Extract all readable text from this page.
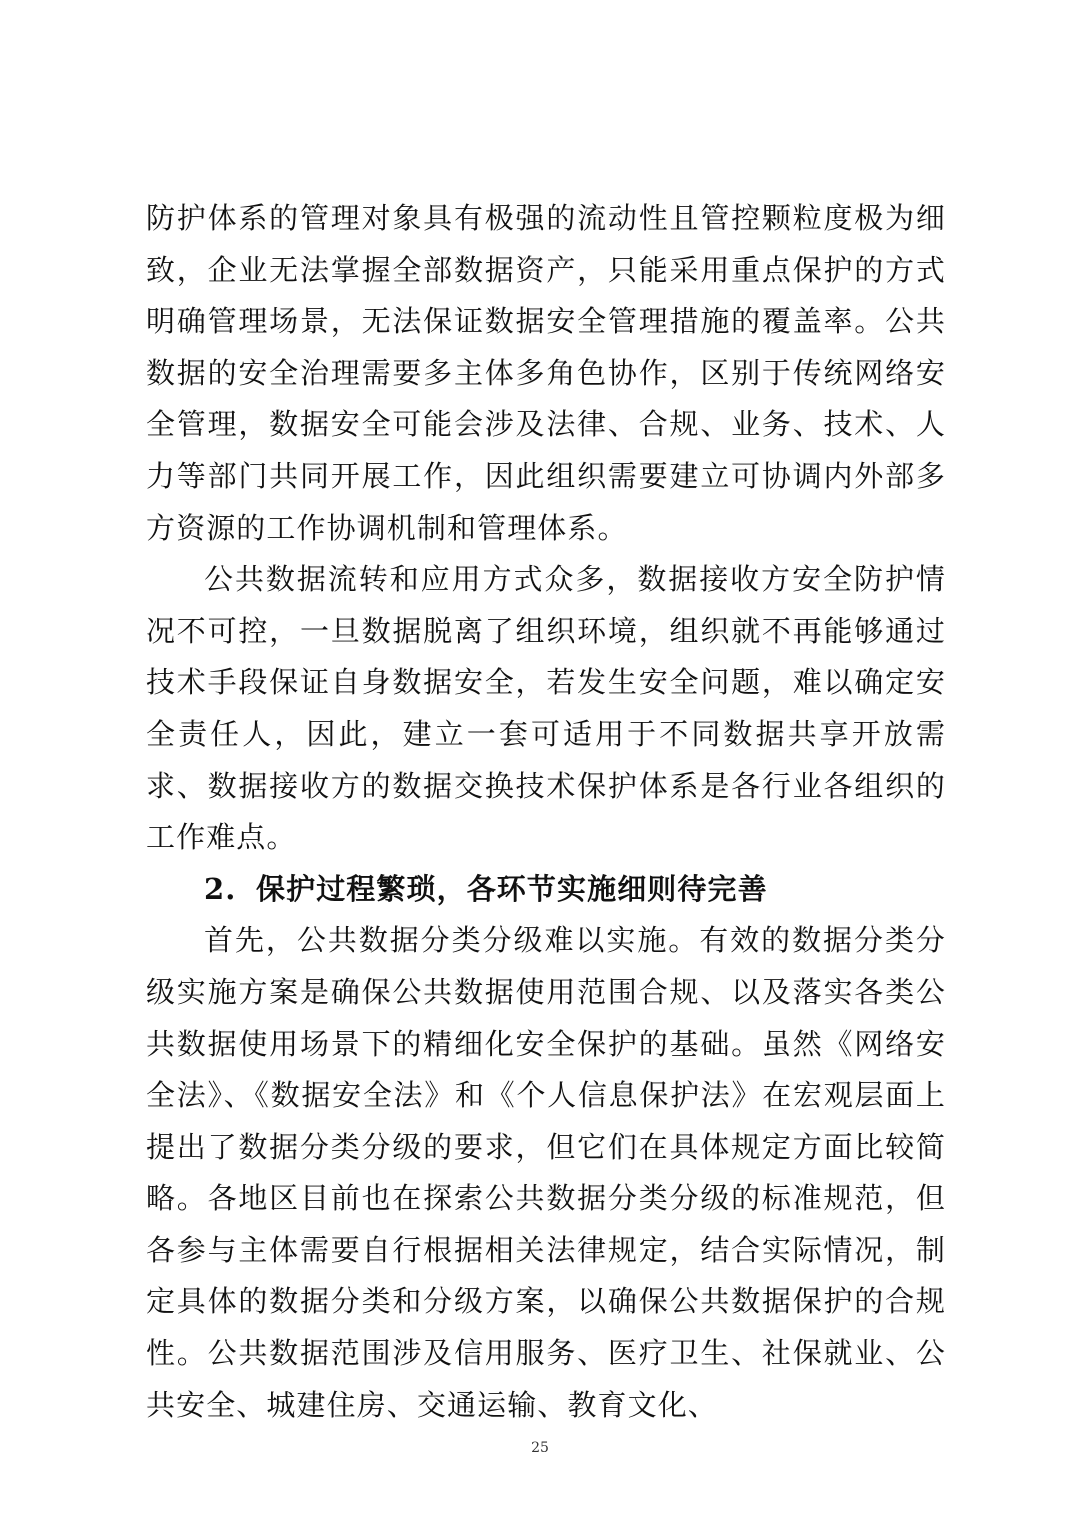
防护体系的管理对象具有极强的流动性且管控颗粒度极为细致，企业无法掌握全部数据资产，只能采用重点保护的方式明确管理场景，无法保证数据安全管理措施的覆盖率。公共数据的安全治理需要多主体多角色协作，区别于传统网络安全管理，数据安全可能会涉及法律、合规、业务、技术、人力等部门共同开展工作，因此组织需要建立可协调内外部多方资源的工作协调机制和管理体系。

公共数据流转和应用方式众多，数据接收方安全防护情况不可控，一旦数据脱离了组织环境，组织就不再能够通过技术手段保证自身数据安全，若发生安全问题，难以确定安全责任人，因此，建立一套可适用于不同数据共享开放需求、数据接收方的数据交换技术保护体系是各行业各组织的工作难点。

2. 保护过程繁琐，各环节实施细则待完善

首先，公共数据分类分级难以实施。有效的数据分类分级实施方案是确保公共数据使用范围合规、以及落实各类公共数据使用场景下的精细化安全保护的基础。虽然《网络安全法》、《数据安全法》和《个人信息保护法》在宏观层面上提出了数据分类分级的要求，但它们在具体规定方面比较简略。各地区目前也在探索公共数据分类分级的标准规范，但各参与主体需要自行根据相关法律规定，结合实际情况，制定具体的数据分类和分级方案，以确保公共数据保护的合规性。公共数据范围涉及信用服务、医疗卫生、社保就业、公共安全、城建住房、交通运输、教育文化、

25
